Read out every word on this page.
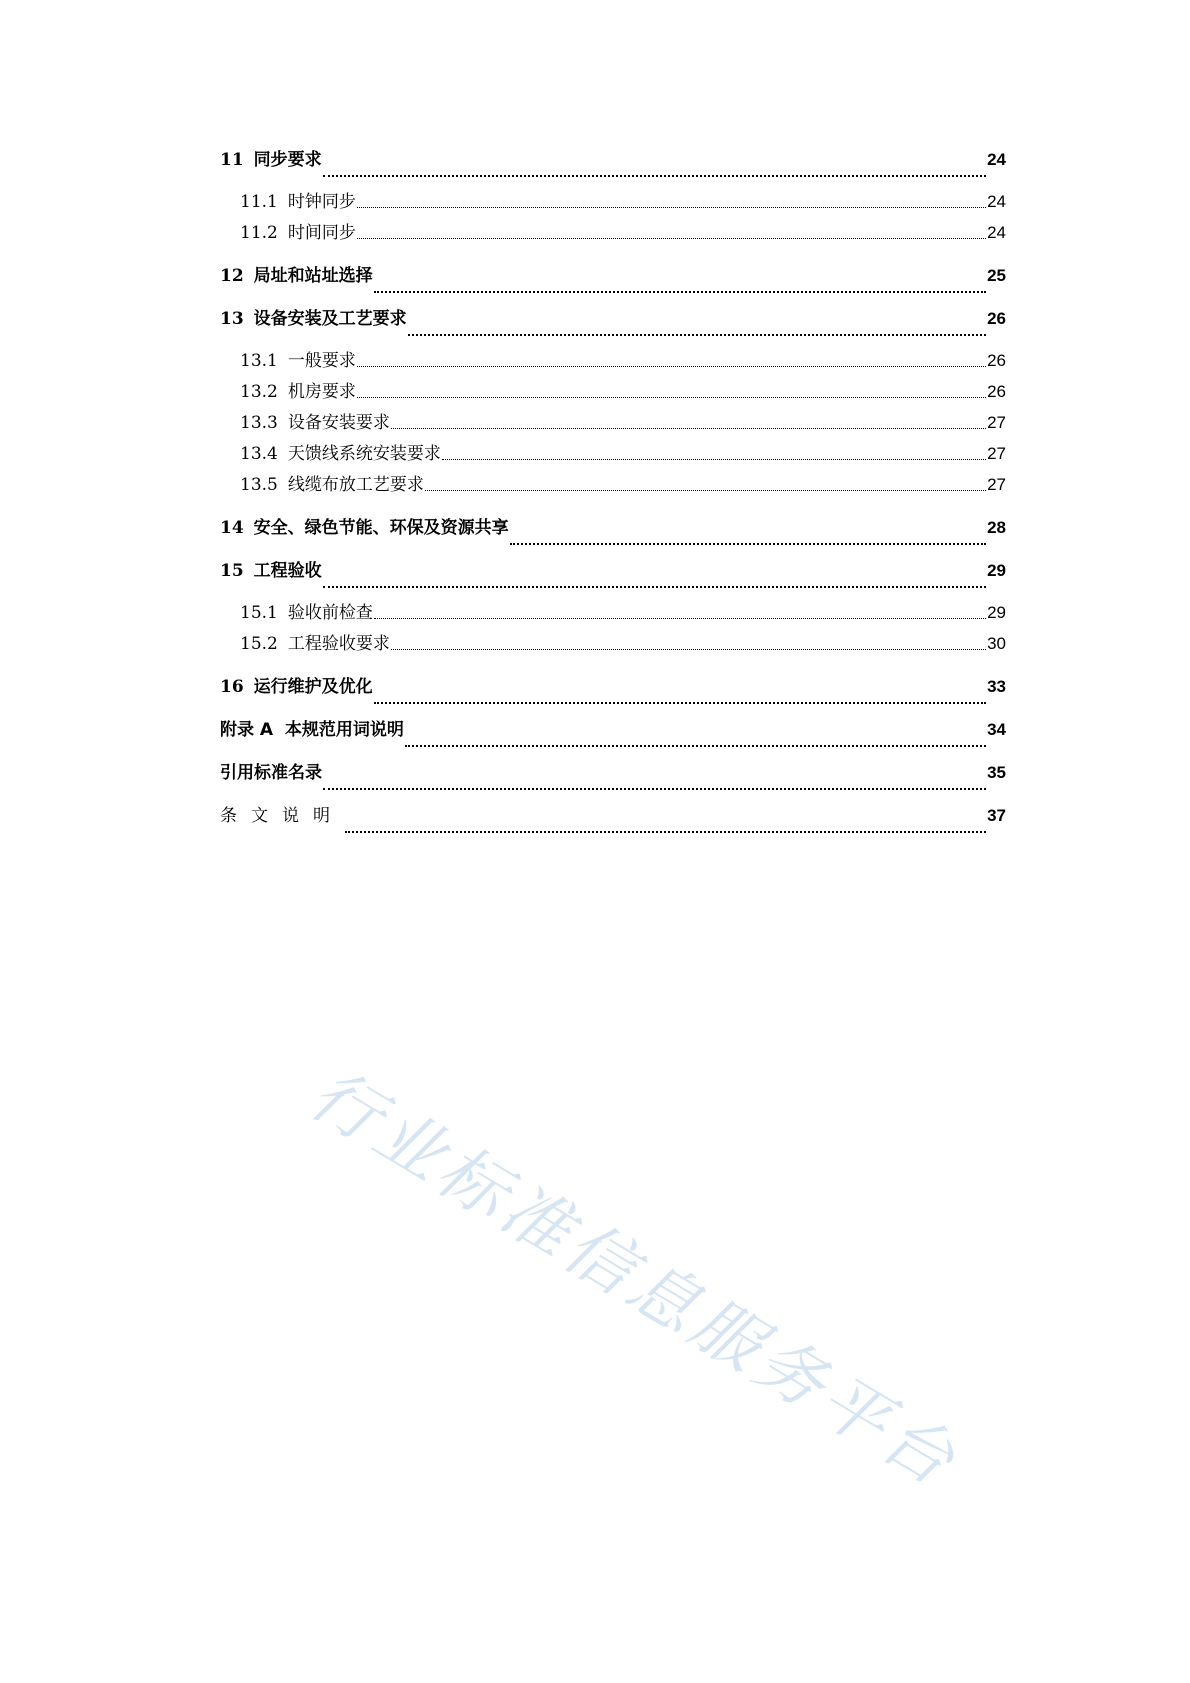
11 同步要求	24
11.1 时钟同步	24
11.2 时间同步	24
12 局址和站址选择	25
13 设备安装及工艺要求	26
13.1 一般要求	26
13.2 机房要求	26
13.3 设备安装要求	27
13.4 天馈线系统安装要求	27
13.5 线缆布放工艺要求	27
14 安全、绿色节能、环保及资源共享	28
15 工程验收	29
15.1 验收前检查	29
15.2 工程验收要求	30
16 运行维护及优化	33
附录 A  本规范用词说明	34
引用标准名录	35
条文说明	37
行业标准信息服务平台
